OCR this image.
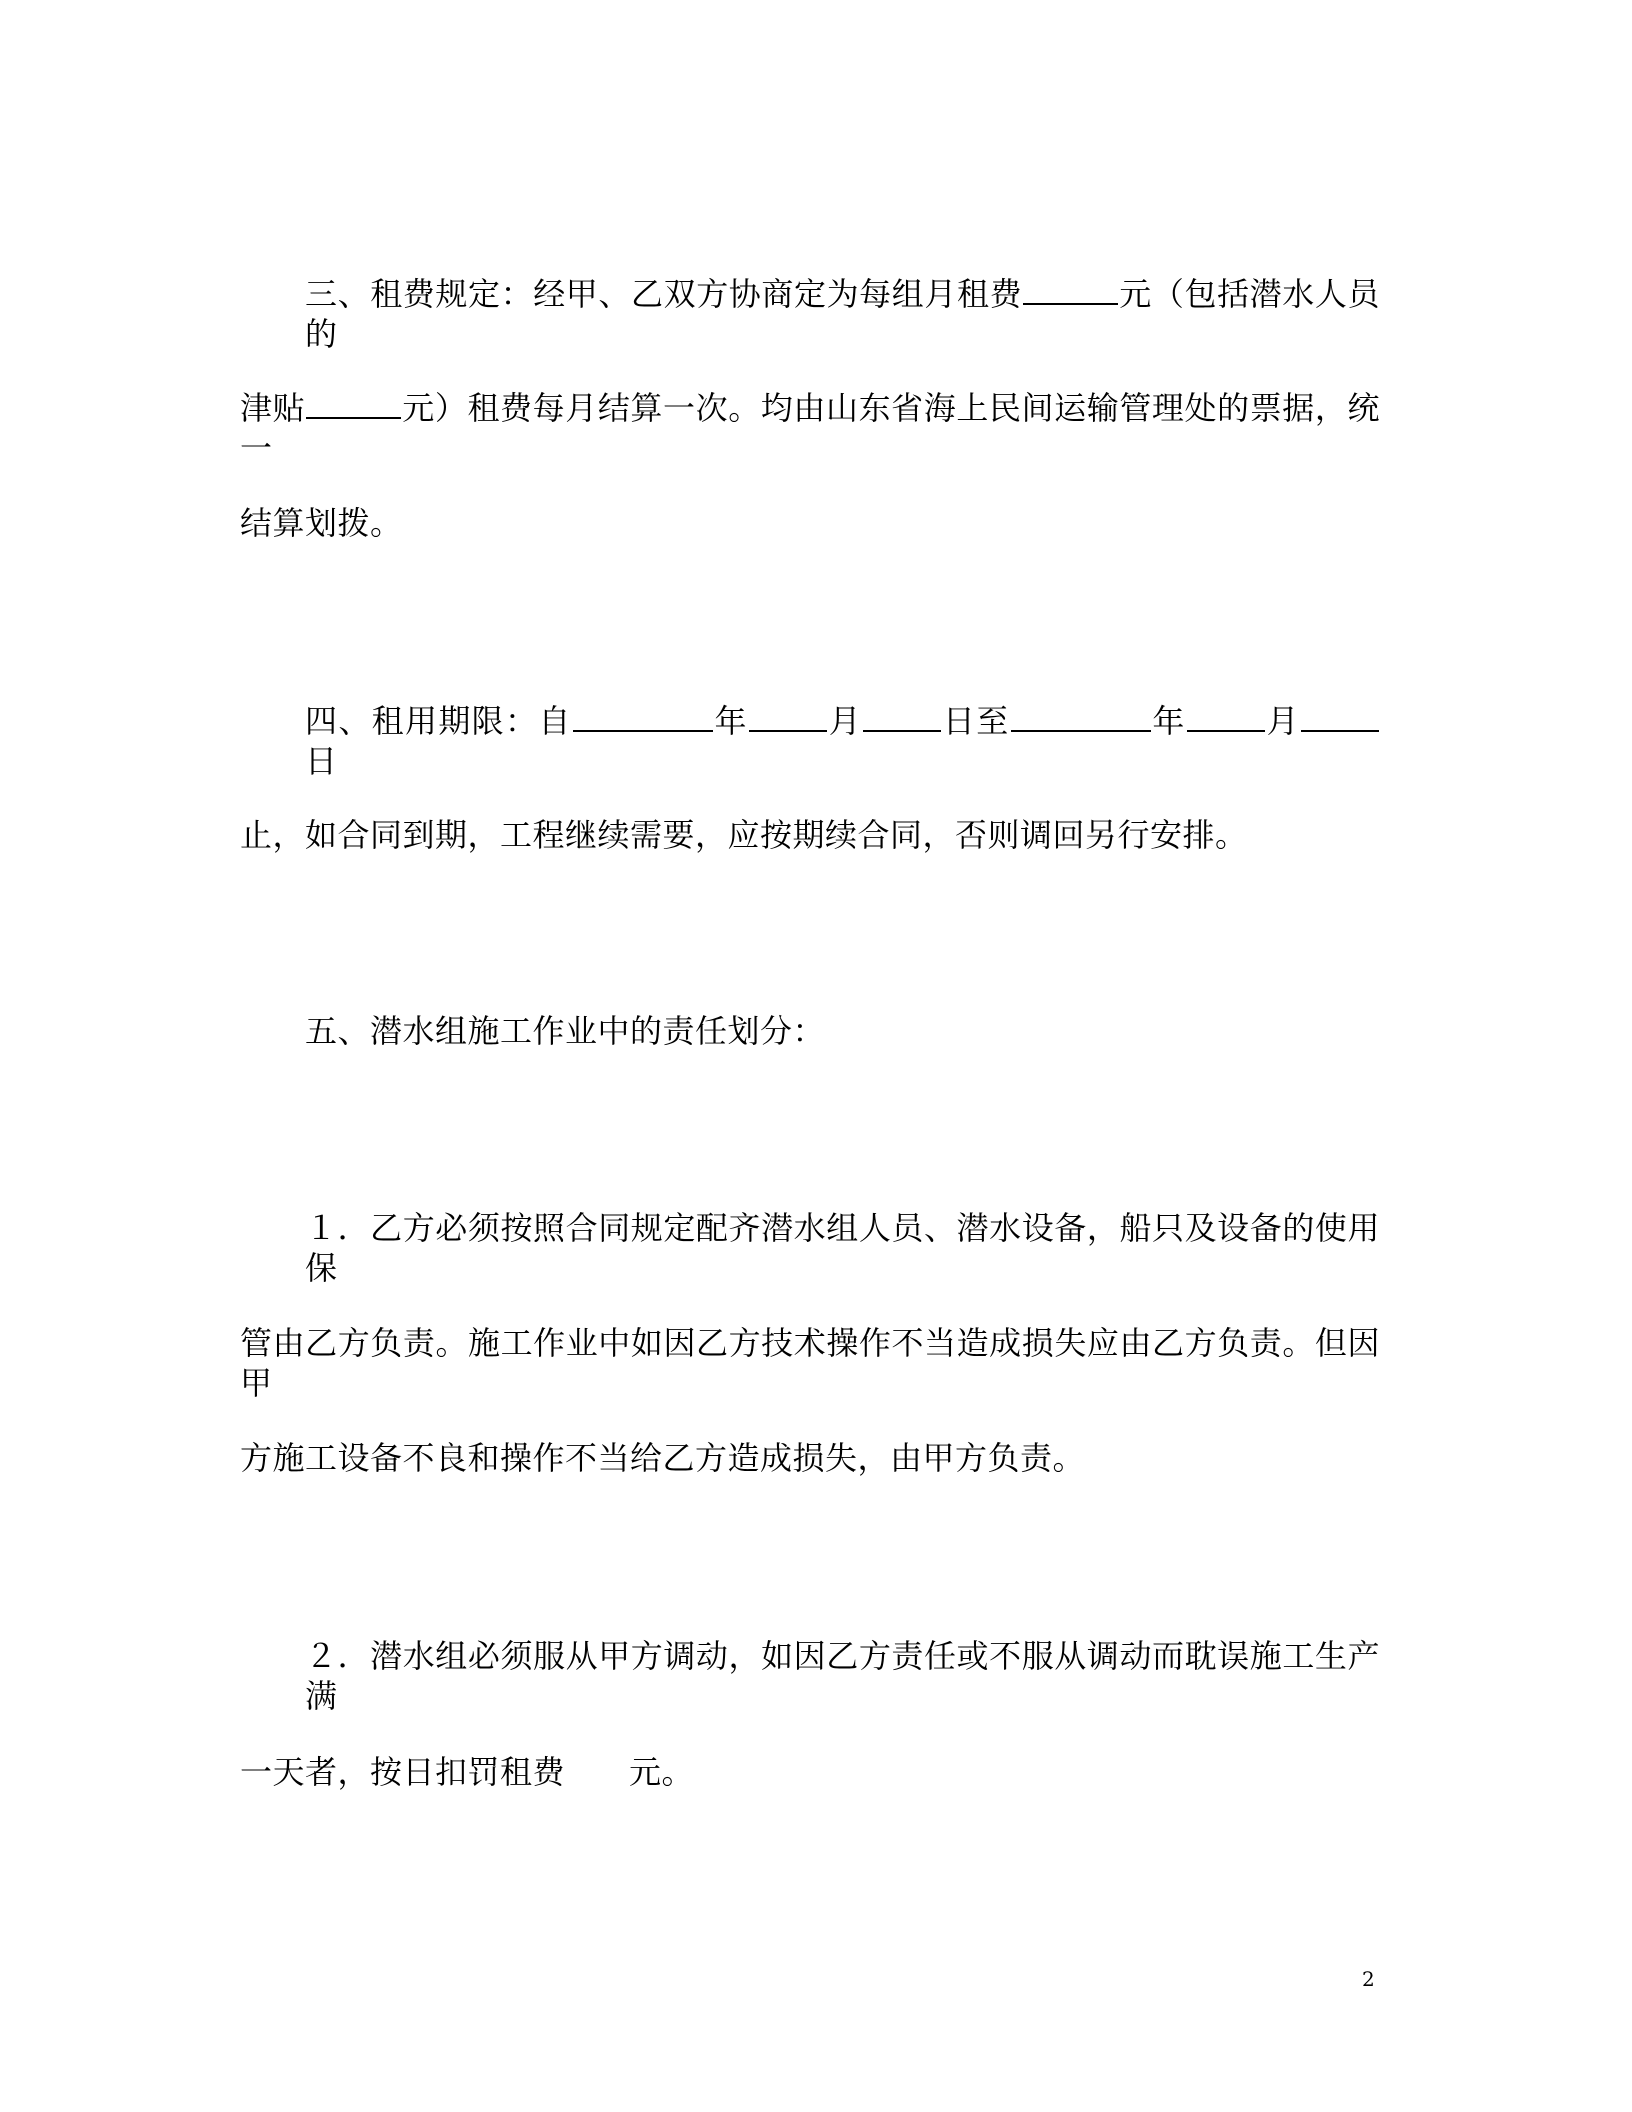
三、租费规定：经甲、乙双方协商定为每组月租费	元（包括潜水人员的
津贴	元）租费每月结算一次。均由山东省海上民间运输管理处的票据，统一
结算划拨。
四、租用期限：自	年	月	日至	年	月日
止，如合同到期，工程继续需要，应按期续合同，否则调回另行安排。
五、潜水组施工作业中的责任划分：
１．乙方必须按照合同规定配齐潜水组人员、潜水设备，船只及设备的使用保
管由乙方负责。施工作业中如因乙方技术操作不当造成损失应由乙方负责。但因甲
方施工设备不良和操作不当给乙方造成损失，由甲方负责。
２．潜水组必须服从甲方调动，如因乙方责任或不服从调动而耽误施工生产满
一天者，按日扣罚租费 元。
2
